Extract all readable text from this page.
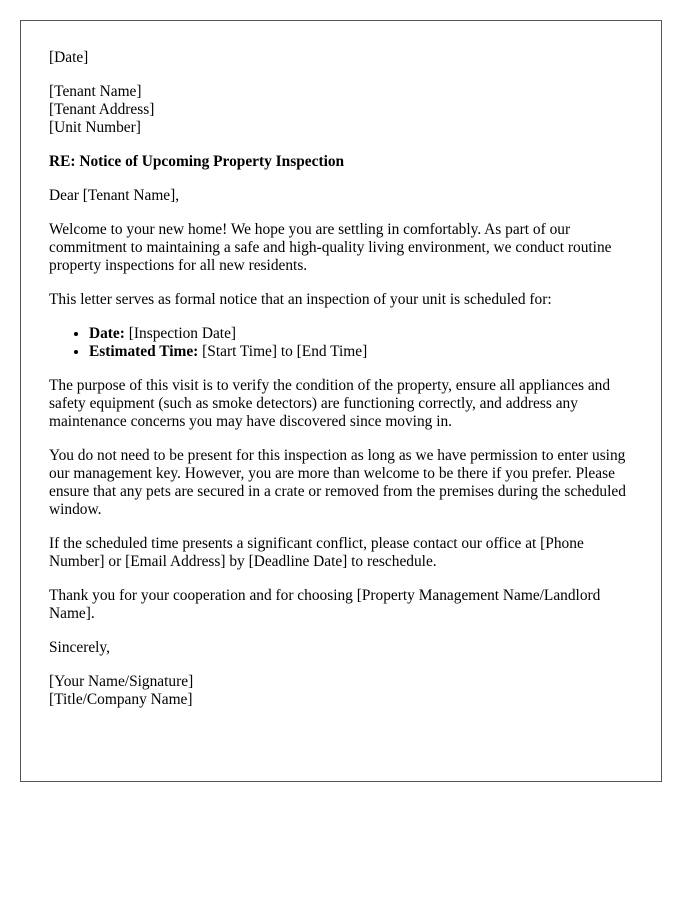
[Date]

[Tenant Name]
[Tenant Address]
[Unit Number]

RE: Notice of Upcoming Property Inspection

Dear [Tenant Name],

Welcome to your new home! We hope you are settling in comfortably. As part of our commitment to maintaining a safe and high-quality living environment, we conduct routine property inspections for all new residents.

This letter serves as formal notice that an inspection of your unit is scheduled for:

• Date: [Inspection Date]
• Estimated Time: [Start Time] to [End Time]

The purpose of this visit is to verify the condition of the property, ensure all appliances and safety equipment (such as smoke detectors) are functioning correctly, and address any maintenance concerns you may have discovered since moving in.

You do not need to be present for this inspection as long as we have permission to enter using our management key. However, you are more than welcome to be there if you prefer. Please ensure that any pets are secured in a crate or removed from the premises during the scheduled window.

If the scheduled time presents a significant conflict, please contact our office at [Phone Number] or [Email Address] by [Deadline Date] to reschedule.

Thank you for your cooperation and for choosing [Property Management Name/Landlord Name].

Sincerely,

[Your Name/Signature]
[Title/Company Name]
